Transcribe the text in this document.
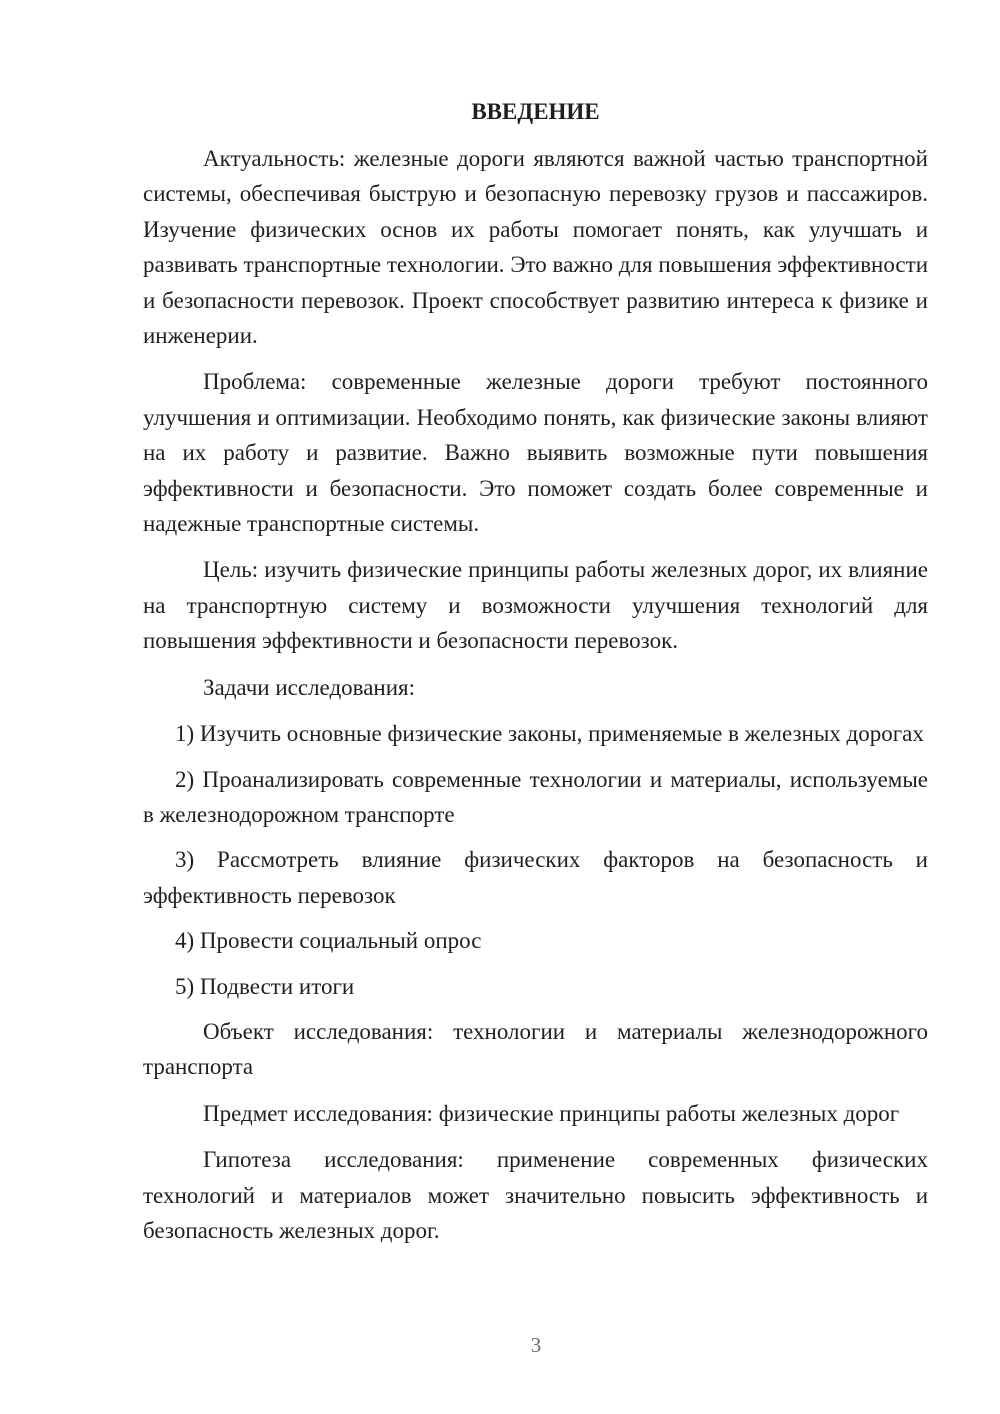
ВВЕДЕНИЕ

Актуальность: железные дороги являются важной частью транспортной системы, обеспечивая быструю и безопасную перевозку грузов и пассажиров. Изучение физических основ их работы помогает понять, как улучшать и развивать транспортные технологии. Это важно для повышения эффективности и безопасности перевозок. Проект способствует развитию интереса к физике и инженерии.

Проблема: современные железные дороги требуют постоянного улучшения и оптимизации. Необходимо понять, как физические законы влияют на их работу и развитие. Важно выявить возможные пути повышения эффективности и безопасности. Это поможет создать более современные и надежные транспортные системы.

Цель: изучить физические принципы работы железных дорог, их влияние на транспортную систему и возможности улучшения технологий для повышения эффективности и безопасности перевозок.

Задачи исследования:

1) Изучить основные физические законы, применяемые в железных дорогах

2) Проанализировать современные технологии и материалы, используемые в железнодорожном транспорте

3) Рассмотреть влияние физических факторов на безопасность и эффективность перевозок

4) Провести социальный опрос

5) Подвести итоги

Объект исследования: технологии и материалы железнодорожного транспорта

Предмет исследования: физические принципы работы железных дорог

Гипотеза исследования: применение современных физических технологий и материалов может значительно повысить эффективность и безопасность железных дорог.

3
